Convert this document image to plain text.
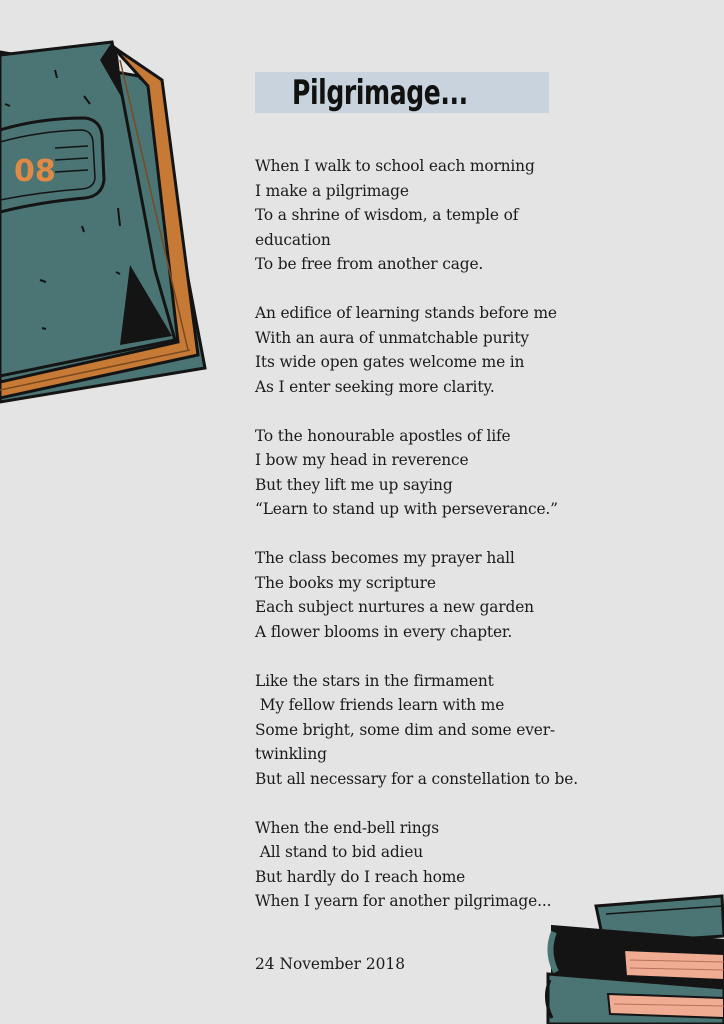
08
Pilgrimage...
When I walk to school each morning
I make a pilgrimage
To a shrine of wisdom, a temple of
education
To be free from another cage.
An edifice of learning stands before me
With an aura of unmatchable purity
Its wide open gates welcome me in
As I enter seeking more clarity.
To the honourable apostles of life
I bow my head in reverence
But they lift me up saying
“Learn to stand up with perseverance.”
The class becomes my prayer hall
The books my scripture
Each subject nurtures a new garden
A flower blooms in every chapter.
Like the stars in the firmament
My fellow friends learn with me
Some bright, some dim and some ever-
twinkling
But all necessary for a constellation to be.
When the end-bell rings
All stand to bid adieu
But hardly do I reach home
When I yearn for another pilgrimage...
24 November 2018
